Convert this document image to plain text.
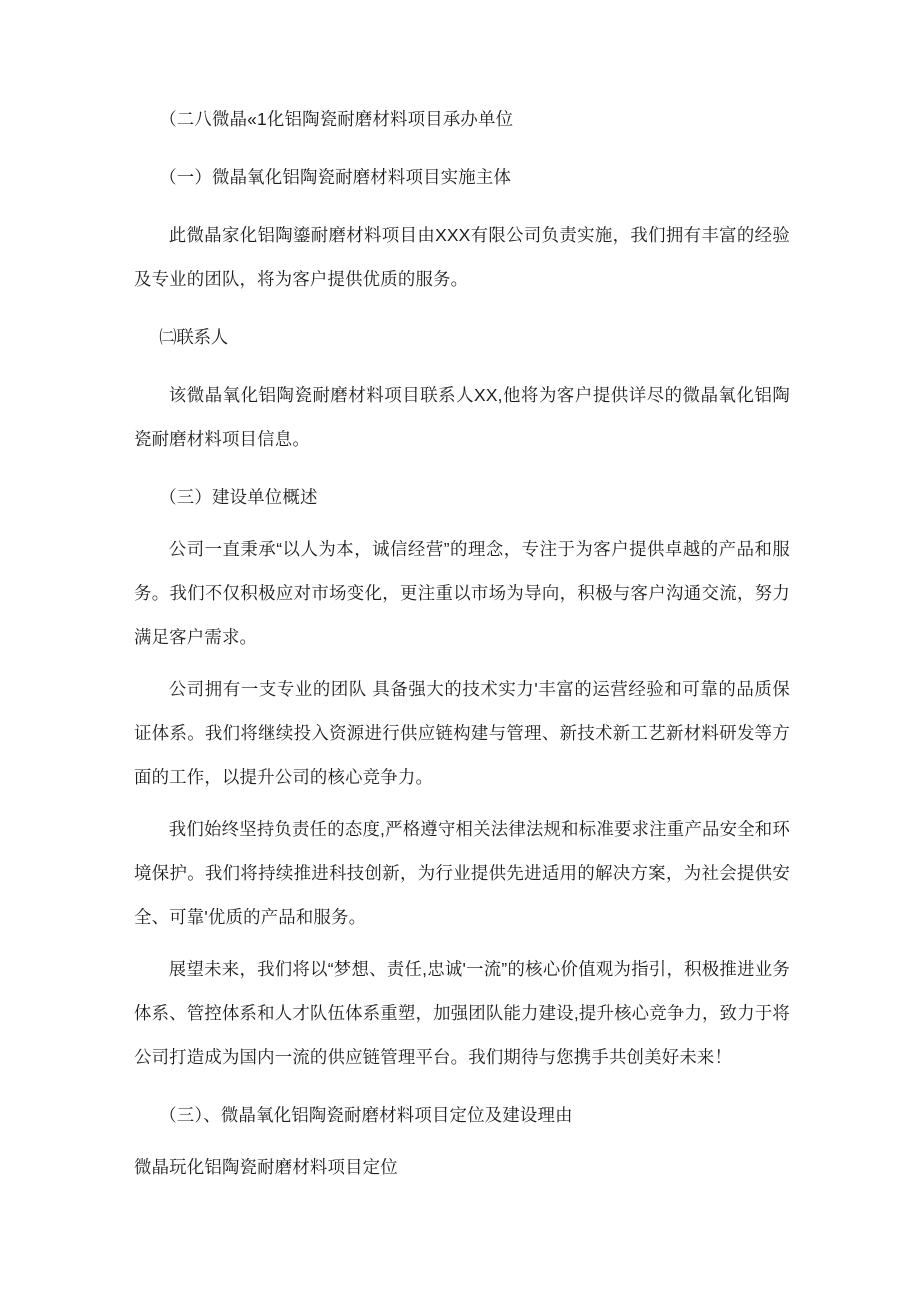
（二八微晶«1化铝陶瓷耐磨材料项目承办单位

（一）微晶氧化铝陶瓷耐磨材料项目实施主体

此微晶家化铝陶鎏耐磨材料项目由XXX有限公司负责实施，我们拥有丰富的经验及专业的团队，将为客户提供优质的服务。

㈡联系人

该微晶氧化铝陶瓷耐磨材料项目联系人XX,他将为客户提供详尽的微晶氧化铝陶瓷耐磨材料项目信息。

（三）建设单位概述

公司一直秉承“以人为本，诚信经营”的理念，专注于为客户提供卓越的产品和服务。我们不仅积极应对市场变化，更注重以市场为导向，积极与客户沟通交流，努力满足客户需求。

公司拥有一支专业的团队 具备强大的技术实力'丰富的运营经验和可靠的品质保证体系。我们将继续投入资源进行供应链构建与管理、新技术新工艺新材料研发等方面的工作，以提升公司的核心竞争力。

我们始终坚持负责任的态度,严格遵守相关法律法规和标准要求注重产品安全和环境保护。我们将持续推进科技创新，为行业提供先进适用的解决方案，为社会提供安全、可靠'优质的产品和服务。

展望未来，我们将以“梦想、责任,忠诚'一流”的核心价值观为指引，积极推进业务体系、管控体系和人才队伍体系重塑，加强团队能力建设,提升核心竞争力，致力于将公司打造成为国内一流的供应链管理平台。我们期待与您携手共创美好未来！

（三）、微晶氧化铝陶瓷耐磨材料项目定位及建设理由

微晶玩化铝陶瓷耐磨材料项目定位
